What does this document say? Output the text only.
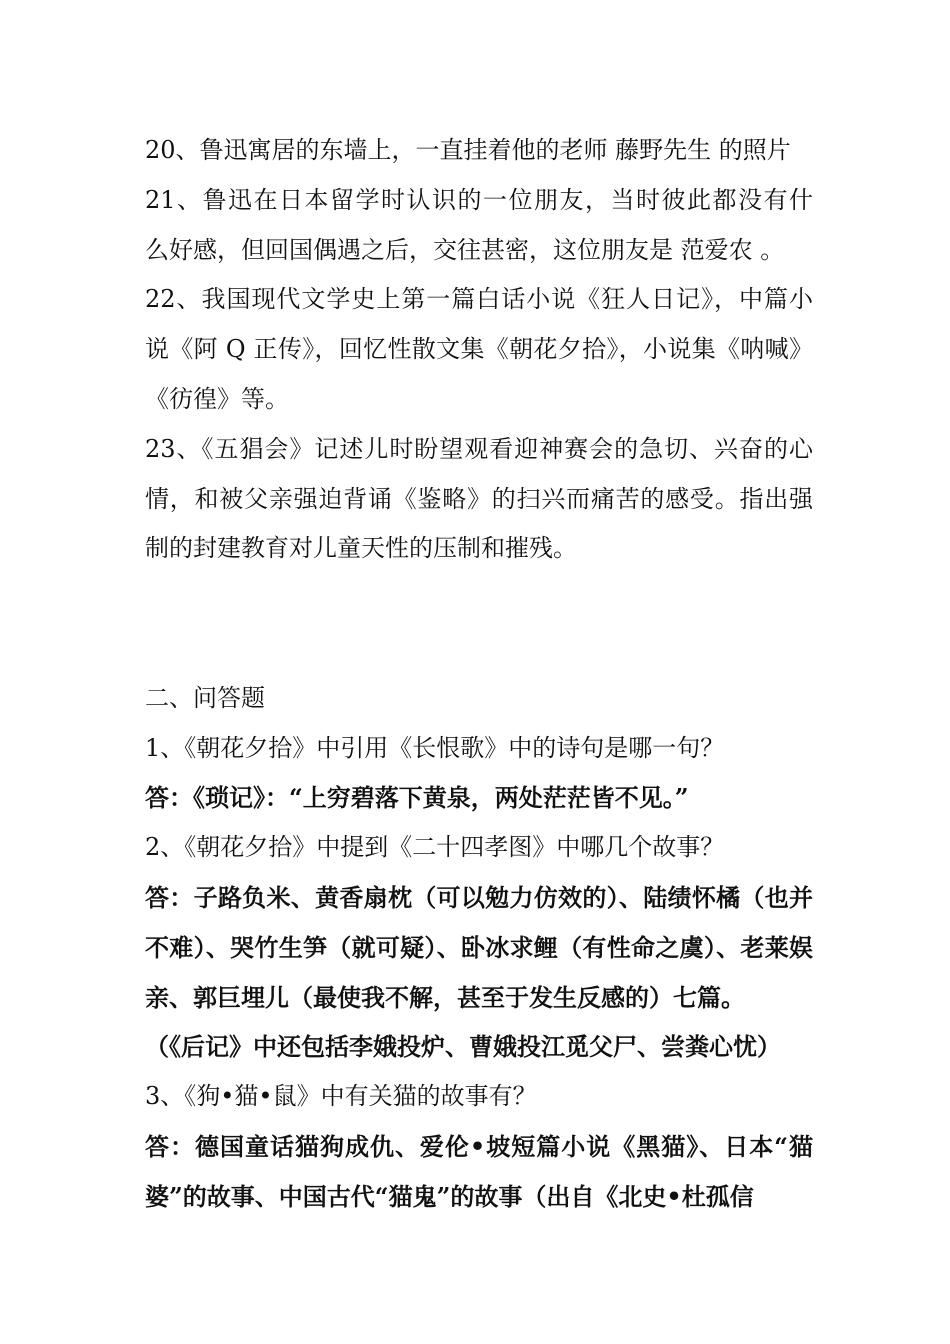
20、鲁迅寓居的东墙上，一直挂着他的老师 藤野先生 的照片
21、鲁迅在日本留学时认识的一位朋友，当时彼此都没有什
么好感，但回国偶遇之后，交往甚密，这位朋友是 范爱农 。
22、我国现代文学史上第一篇白话小说《狂人日记》，中篇小
说《阿 Q 正传》，回忆性散文集《朝花夕拾》，小说集《呐喊》
《彷徨》等。
23、《五猖会》记述儿时盼望观看迎神赛会的急切、兴奋的心
情，和被父亲强迫背诵《鉴略》的扫兴而痛苦的感受。指出强
制的封建教育对儿童天性的压制和摧残。
二、问答题
1、《朝花夕拾》中引用《长恨歌》中的诗句是哪一句？
答：《琐记》：“上穷碧落下黄泉，两处茫茫皆不见。”
2、《朝花夕拾》中提到《二十四孝图》中哪几个故事？
答：子路负米、黄香扇枕（可以勉力仿效的）、陆绩怀橘（也并
不难）、哭竹生笋（就可疑）、卧冰求鲤（有性命之虞）、老莱娱
亲、郭巨埋儿（最使我不解，甚至于发生反感的）七篇。
（《后记》中还包括李娥投炉、曹娥投江觅父尸、尝粪心忧）
3、《狗•猫•鼠》中有关猫的故事有？
答：德国童话猫狗成仇、爱伦•坡短篇小说《黑猫》、日本“猫
婆”的故事、中国古代“猫鬼”的故事（出自《北史•杜孤信
